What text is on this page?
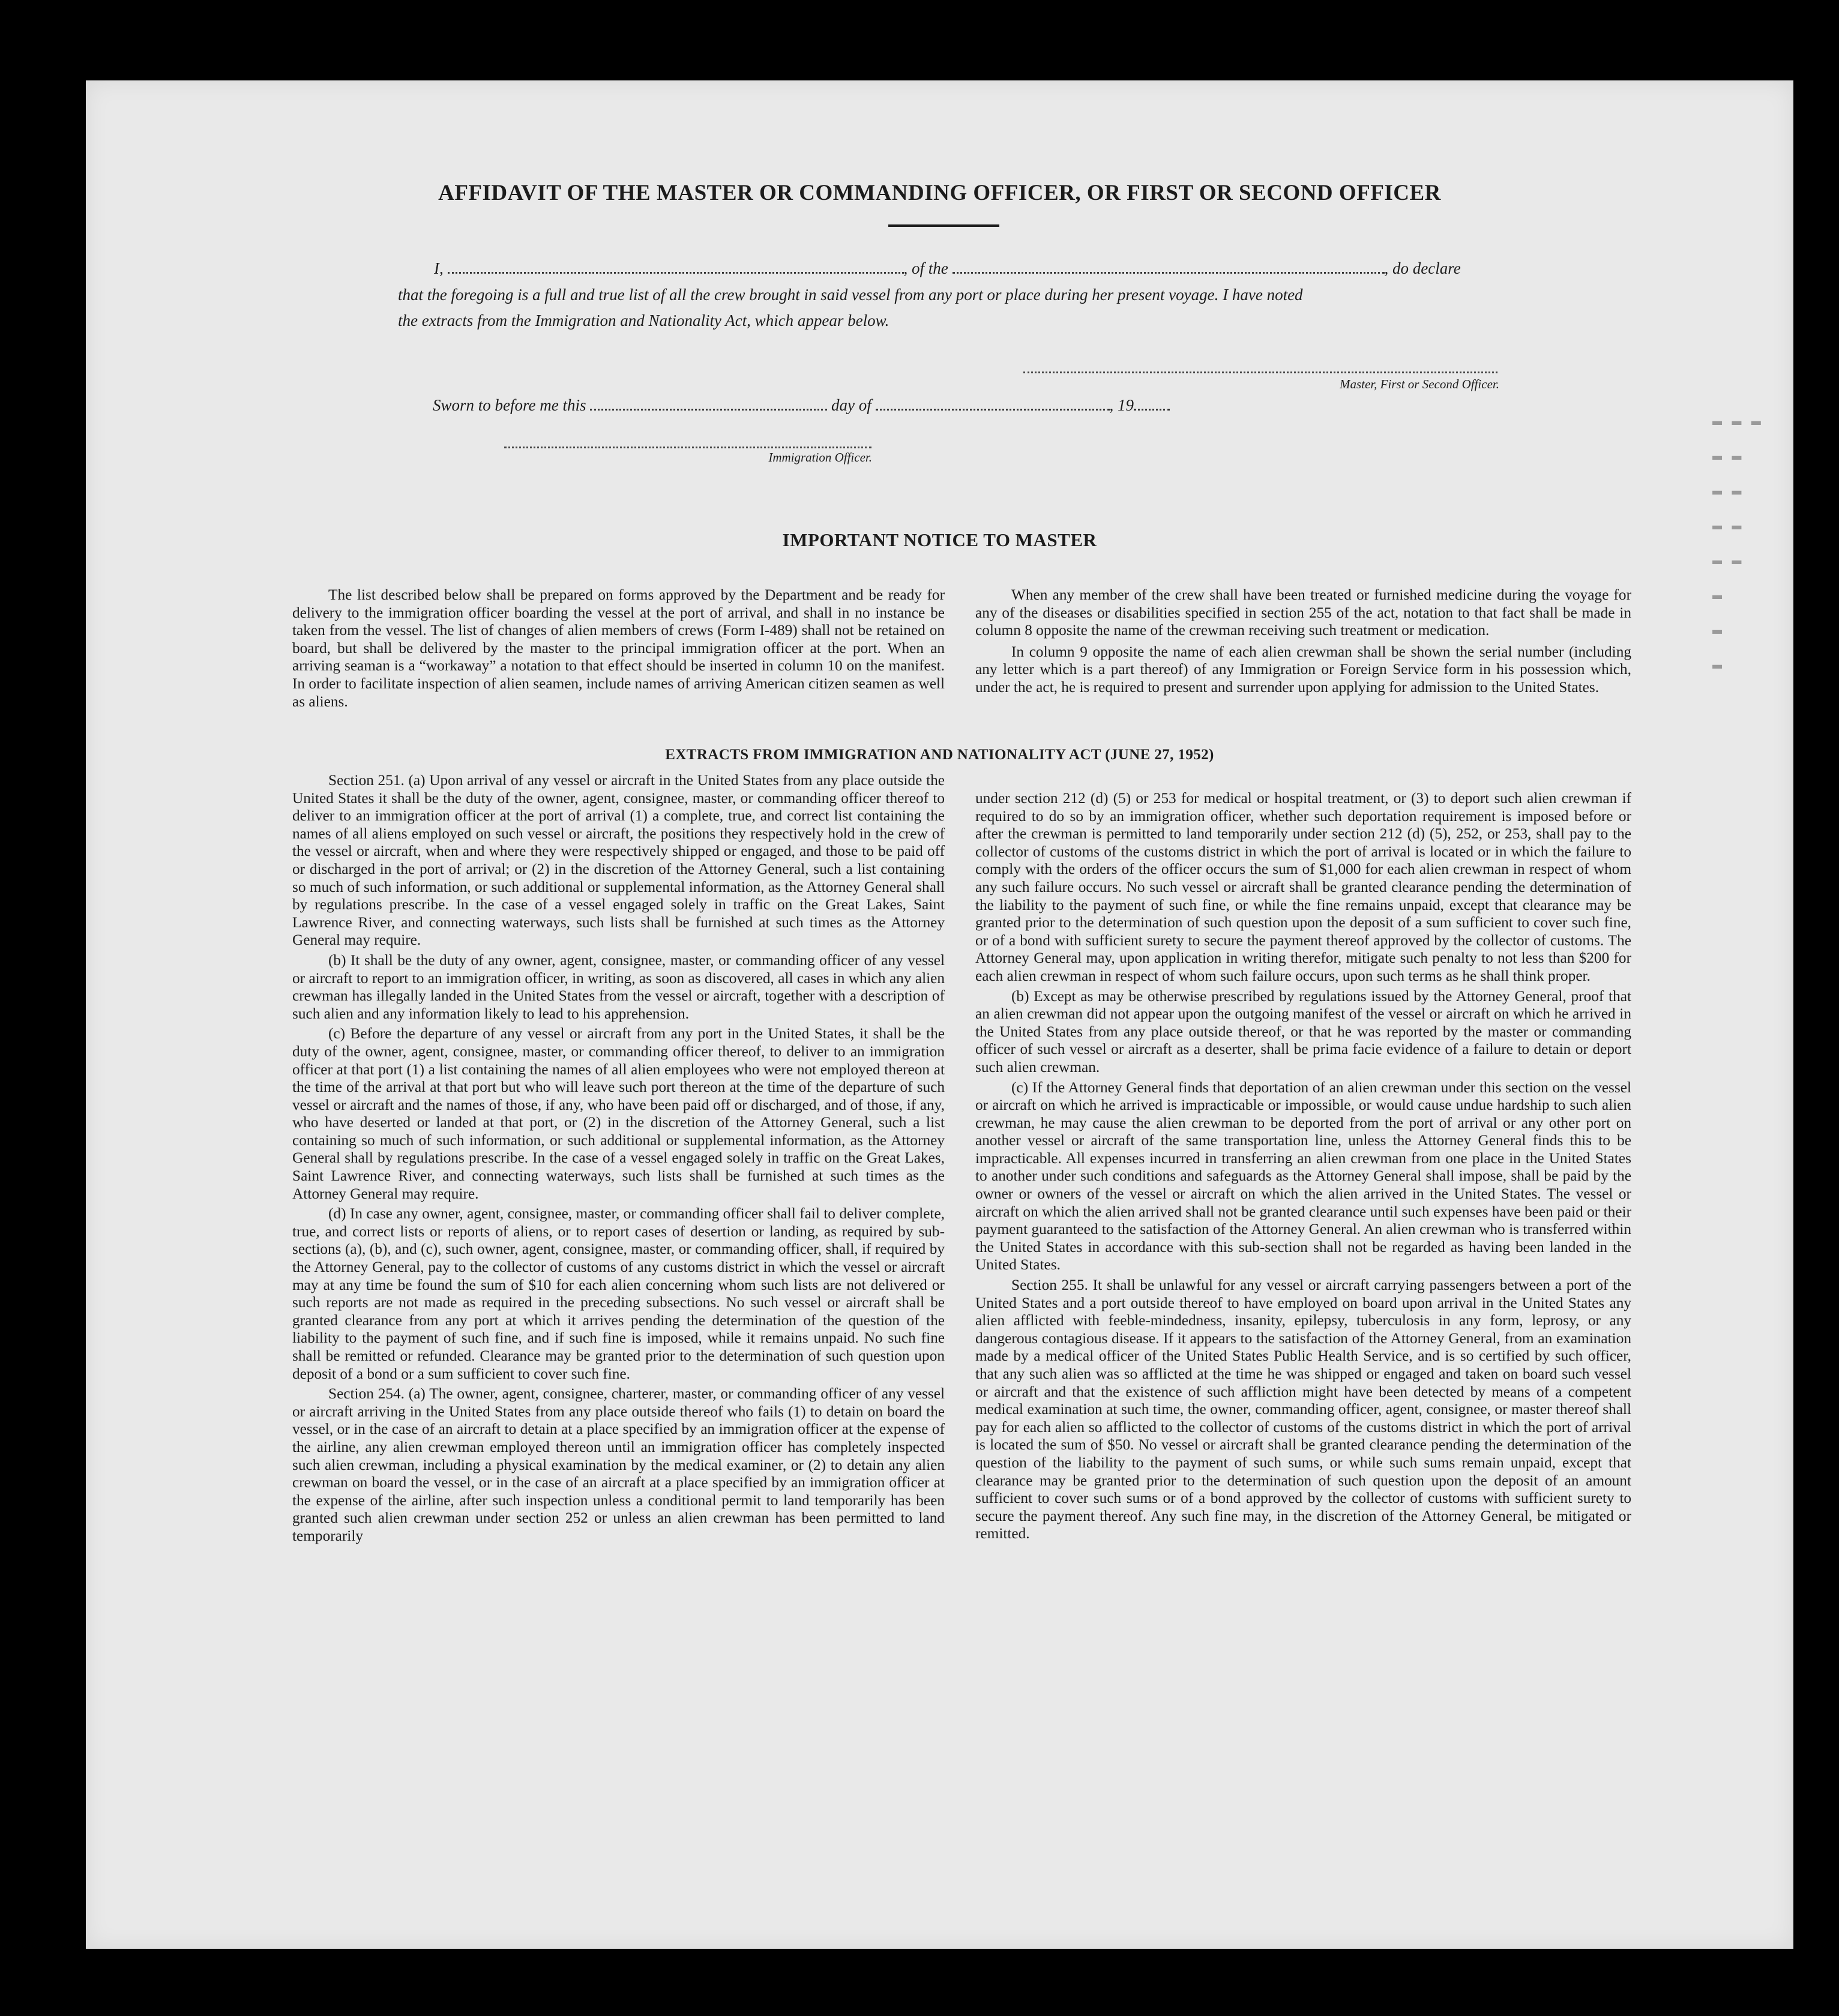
▬ ▬ ▬
▬ ▬
▬ ▬
▬ ▬
▬ ▬
▬
▬
▬
AFFIDAVIT OF THE MASTER OR COMMANDING OFFICER, OR FIRST OR SECOND OFFICER
I,	, of the	, do declare
that the foregoing is a full and true list of all the crew brought in said vessel from any port or place during her present voyage. I have noted
the extracts from the Immigration and Nationality Act, which appear below.
Master, First or Second Officer.
Sworn to before me this	day of	, 19
Immigration Officer.
IMPORTANT NOTICE TO MASTER

The list described below shall be prepared on forms approved by the Department and be ready for delivery to the immigration officer boarding the vessel at the port of arrival, and shall in no instance be taken from the vessel. The list of changes of alien members of crews (Form I-489) shall not be retained on board, but shall be delivered by the master to the principal immigration officer at the port. When an arriving seaman is a “workaway” a notation to that effect should be inserted in column 10 on the manifest. In order to facilitate inspection of alien seamen, include names of arriving American citizen seamen as well as aliens.

When any member of the crew shall have been treated or furnished medicine during the voyage for any of the diseases or disabilities specified in section 255 of the act, notation to that fact shall be made in column 8 opposite the name of the crewman receiving such treatment or medication.

In column 9 opposite the name of each alien crewman shall be shown the serial number (including any letter which is a part thereof) of any Immigration or Foreign Service form in his possession which, under the act, he is required to present and surrender upon applying for admission to the United States.

EXTRACTS FROM IMMIGRATION AND NATIONALITY ACT (JUNE 27, 1952)

Section 251. (a) Upon arrival of any vessel or aircraft in the United States from any place outside the United States it shall be the duty of the owner, agent, consignee, master, or commanding officer thereof to deliver to an immigration officer at the port of arrival (1) a complete, true, and correct list containing the names of all aliens employed on such vessel or aircraft, the positions they respectively hold in the crew of the vessel or aircraft, when and where they were respectively shipped or engaged, and those to be paid off or discharged in the port of arrival; or (2) in the discretion of the Attorney General, such a list containing so much of such information, or such additional or supplemental information, as the Attorney General shall by regulations prescribe. In the case of a vessel engaged solely in traffic on the Great Lakes, Saint Lawrence River, and connecting waterways, such lists shall be furnished at such times as the Attorney General may require.

(b) It shall be the duty of any owner, agent, consignee, master, or commanding officer of any vessel or aircraft to report to an immigration officer, in writing, as soon as discovered, all cases in which any alien crewman has illegally landed in the United States from the vessel or aircraft, together with a description of such alien and any information likely to lead to his apprehension.

(c) Before the departure of any vessel or aircraft from any port in the United States, it shall be the duty of the owner, agent, consignee, master, or commanding officer thereof, to deliver to an immigration officer at that port (1) a list containing the names of all alien employees who were not employed thereon at the time of the arrival at that port but who will leave such port thereon at the time of the departure of such vessel or aircraft and the names of those, if any, who have been paid off or discharged, and of those, if any, who have deserted or landed at that port, or (2) in the discretion of the Attorney General, such a list containing so much of such information, or such additional or supplemental information, as the Attorney General shall by regulations prescribe. In the case of a vessel engaged solely in traffic on the Great Lakes, Saint Lawrence River, and connecting waterways, such lists shall be furnished at such times as the Attorney General may require.

(d) In case any owner, agent, consignee, master, or commanding officer shall fail to deliver complete, true, and correct lists or reports of aliens, or to report cases of desertion or landing, as required by sub-sections (a), (b), and (c), such owner, agent, consignee, master, or commanding officer, shall, if required by the Attorney General, pay to the collector of customs of any customs district in which the vessel or aircraft may at any time be found the sum of $10 for each alien concerning whom such lists are not delivered or such reports are not made as required in the preceding subsections. No such vessel or aircraft shall be granted clearance from any port at which it arrives pending the determination of the question of the liability to the payment of such fine, and if such fine is imposed, while it remains unpaid. No such fine shall be remitted or refunded. Clearance may be granted prior to the determination of such question upon deposit of a bond or a sum sufficient to cover such fine.

Section 254. (a) The owner, agent, consignee, charterer, master, or commanding officer of any vessel or aircraft arriving in the United States from any place outside thereof who fails (1) to detain on board the vessel, or in the case of an aircraft to detain at a place specified by an immigration officer at the expense of the airline, any alien crewman employed thereon until an immigration officer has completely inspected such alien crewman, including a physical examination by the medical examiner, or (2) to detain any alien crewman on board the vessel, or in the case of an aircraft at a place specified by an immigration officer at the expense of the airline, after such inspection unless a conditional permit to land temporarily has been granted such alien crewman under section 252 or unless an alien crewman has been permitted to land temporarily

under section 212 (d) (5) or 253 for medical or hospital treatment, or (3) to deport such alien crewman if required to do so by an immigration officer, whether such deportation requirement is imposed before or after the crewman is permitted to land temporarily under section 212 (d) (5), 252, or 253, shall pay to the collector of customs of the customs district in which the port of arrival is located or in which the failure to comply with the orders of the officer occurs the sum of $1,000 for each alien crewman in respect of whom any such failure occurs. No such vessel or aircraft shall be granted clearance pending the determination of the liability to the payment of such fine, or while the fine remains unpaid, except that clearance may be granted prior to the determination of such question upon the deposit of a sum sufficient to cover such fine, or of a bond with sufficient surety to secure the payment thereof approved by the collector of customs. The Attorney General may, upon application in writing therefor, mitigate such penalty to not less than $200 for each alien crewman in respect of whom such failure occurs, upon such terms as he shall think proper.

(b) Except as may be otherwise prescribed by regulations issued by the Attorney General, proof that an alien crewman did not appear upon the outgoing manifest of the vessel or aircraft on which he arrived in the United States from any place outside thereof, or that he was reported by the master or commanding officer of such vessel or aircraft as a deserter, shall be prima facie evidence of a failure to detain or deport such alien crewman.

(c) If the Attorney General finds that deportation of an alien crewman under this section on the vessel or aircraft on which he arrived is impracticable or impossible, or would cause undue hardship to such alien crewman, he may cause the alien crewman to be deported from the port of arrival or any other port on another vessel or aircraft of the same transportation line, unless the Attorney General finds this to be impracticable. All expenses incurred in transferring an alien crewman from one place in the United States to another under such conditions and safeguards as the Attorney General shall impose, shall be paid by the owner or owners of the vessel or aircraft on which the alien arrived in the United States. The vessel or aircraft on which the alien arrived shall not be granted clearance until such expenses have been paid or their payment guaranteed to the satisfaction of the Attorney General. An alien crewman who is transferred within the United States in accordance with this sub-section shall not be regarded as having been landed in the United States.

Section 255. It shall be unlawful for any vessel or aircraft carrying passengers between a port of the United States and a port outside thereof to have employed on board upon arrival in the United States any alien afflicted with feeble-mindedness, insanity, epilepsy, tuberculosis in any form, leprosy, or any dangerous contagious disease. If it appears to the satisfaction of the Attorney General, from an examination made by a medical officer of the United States Public Health Service, and is so certified by such officer, that any such alien was so afflicted at the time he was shipped or engaged and taken on board such vessel or aircraft and that the existence of such affliction might have been detected by means of a competent medical examination at such time, the owner, commanding officer, agent, consignee, or master thereof shall pay for each alien so afflicted to the collector of customs of the customs district in which the port of arrival is located the sum of $50. No vessel or aircraft shall be granted clearance pending the determination of the question of the liability to the payment of such sums, or while such sums remain unpaid, except that clearance may be granted prior to the determination of such question upon the deposit of an amount sufficient to cover such sums or of a bond approved by the collector of customs with sufficient surety to secure the payment thereof. Any such fine may, in the discretion of the Attorney General, be mitigated or remitted.
